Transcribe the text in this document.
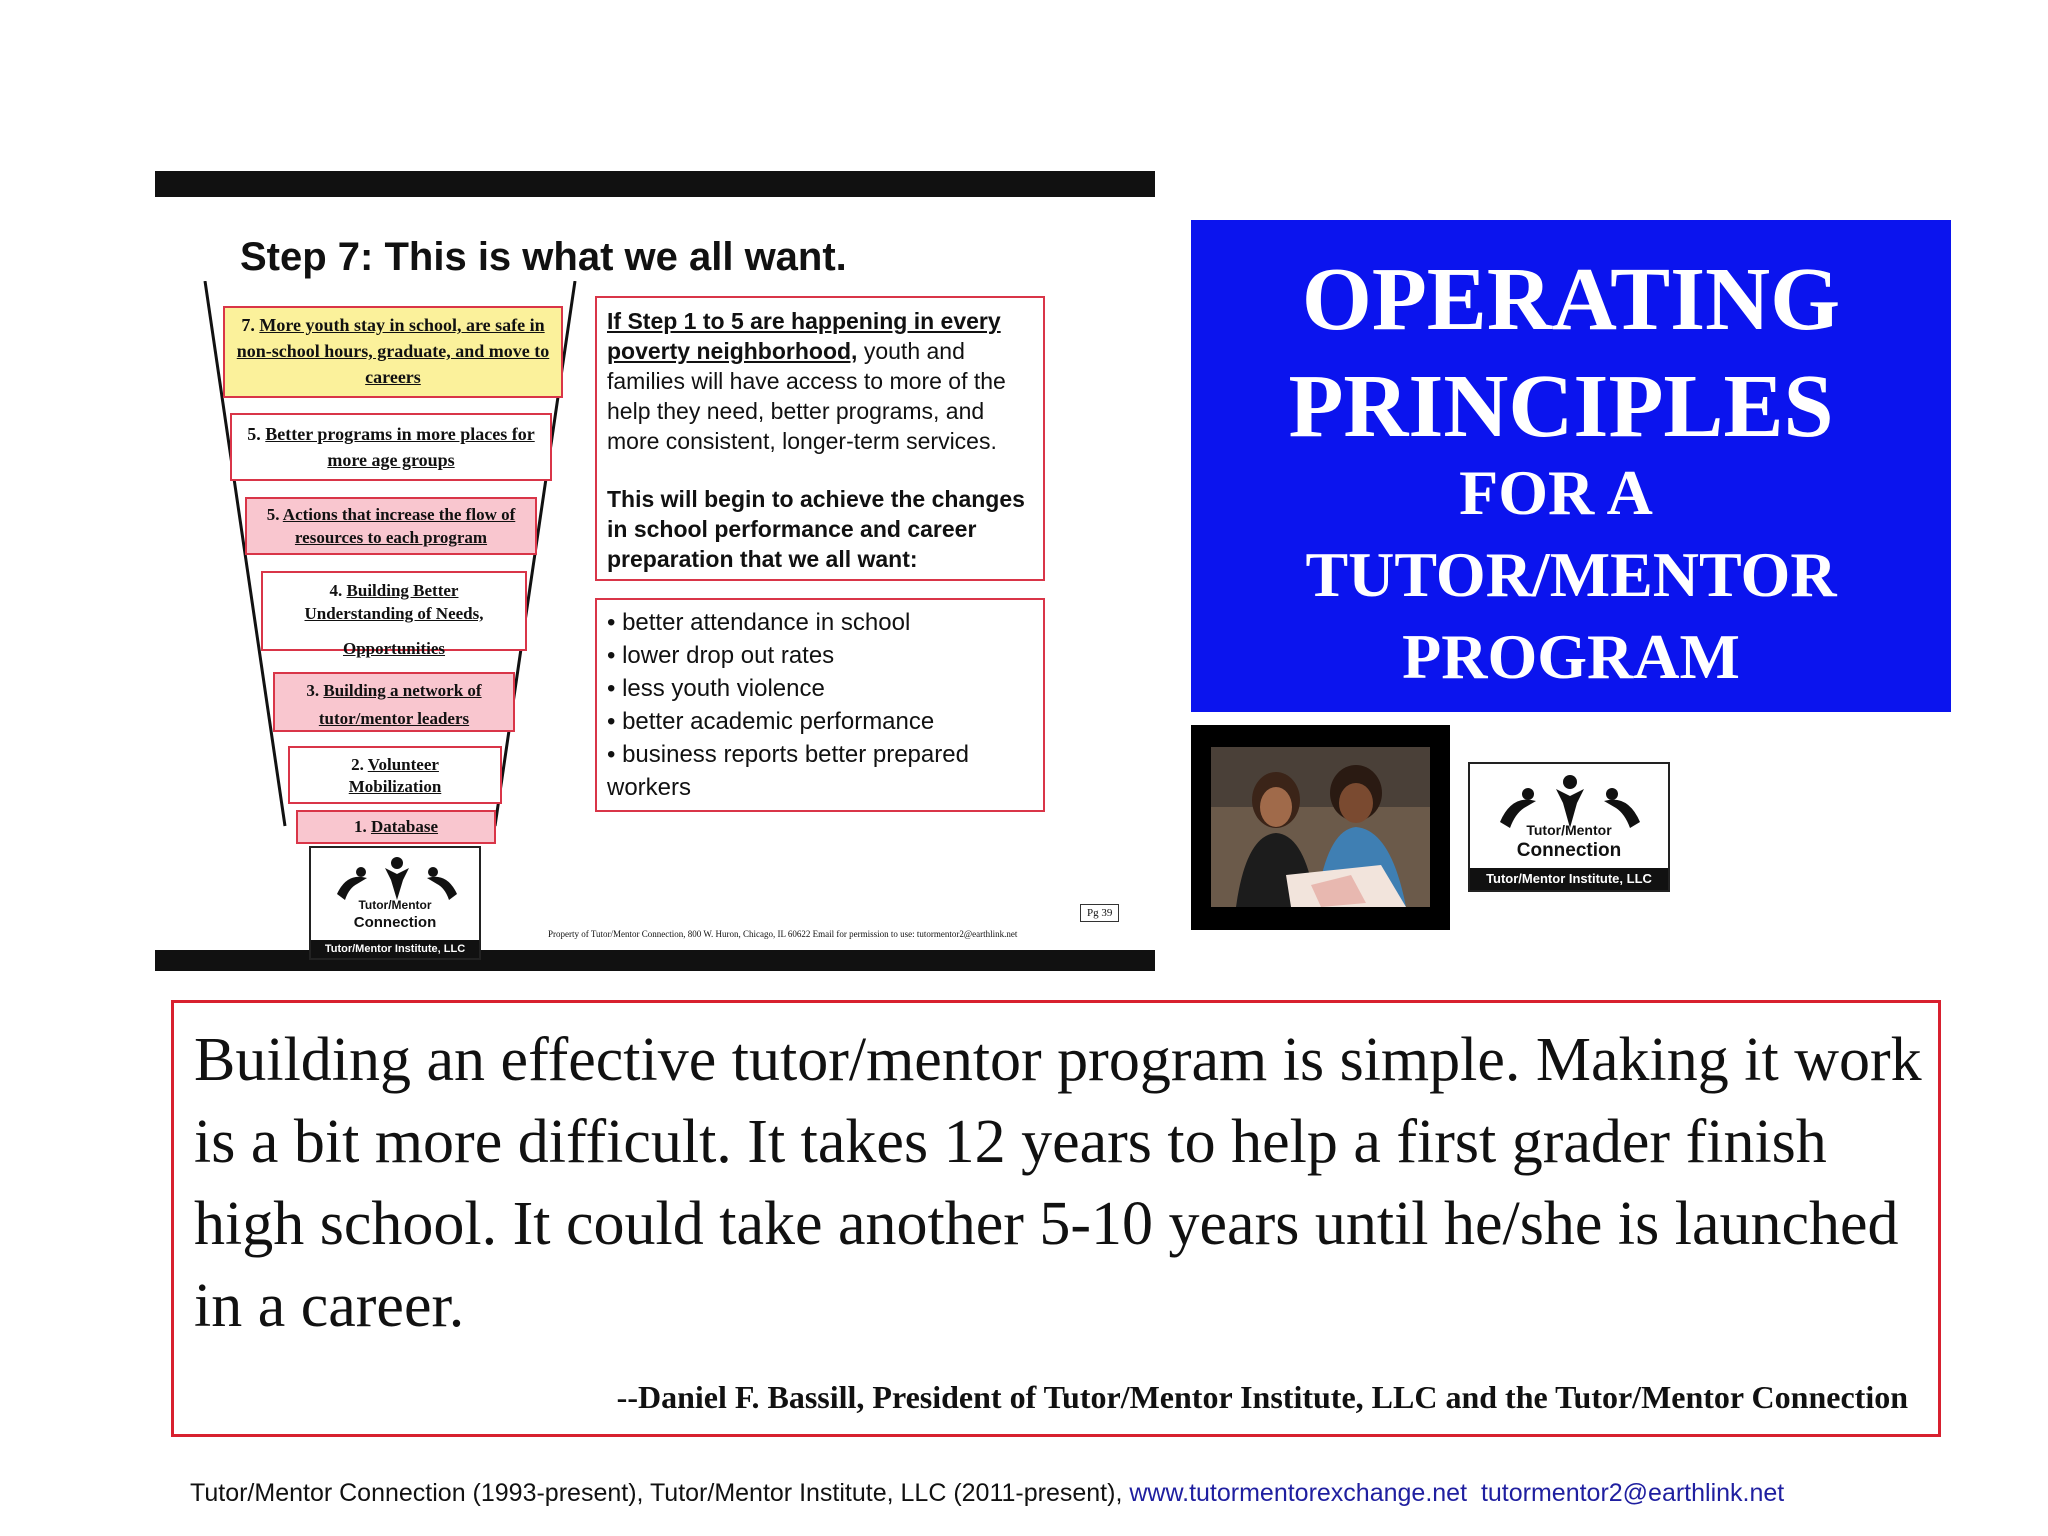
Step 7: This is what we all want.
7. More youth stay in school, are safe in non-school hours, graduate, and move to careers
5. Better programs in more places for more age groups
5. Actions that increase the flow of resources to each program
4. Building Better
Understanding of Needs,
Opportunities
3. Building a network of
tutor/mentor leaders
2. Volunteer
Mobilization
1. Database
If Step 1 to 5 are happening in every
poverty neighborhood, youth and families will have access to more of the help they need, better programs, and more consistent, longer-term services.
This will begin to achieve the changes in school performance and career preparation that we all want:
• better attendance in school
• lower drop out rates
• less youth violence
• better academic performance
• business reports better prepared workers
Tutor/Mentor
Connection
Tutor/Mentor Institute, LLC
Pg 39
Property of Tutor/Mentor Connection, 800 W. Huron, Chicago, IL 60622 Email for permission to use: tutormentor2@earthlink.net
OPERATING
PRINCIPLES
FOR A
TUTOR/MENTOR
PROGRAM
Tutor/Mentor
Connection
Tutor/Mentor Institute, LLC
Building an effective tutor/mentor program is simple. Making it work is a bit more difficult. It takes 12 years to help a first grader finish high school. It could take another 5-10 years until he/she is launched in a career.
--Daniel F. Bassill, President of Tutor/Mentor Institute, LLC and the Tutor/Mentor Connection
Tutor/Mentor Connection (1993-present), Tutor/Mentor Institute, LLC (2011-present), www.tutormentorexchange.net tutormentor2@earthlink.net
